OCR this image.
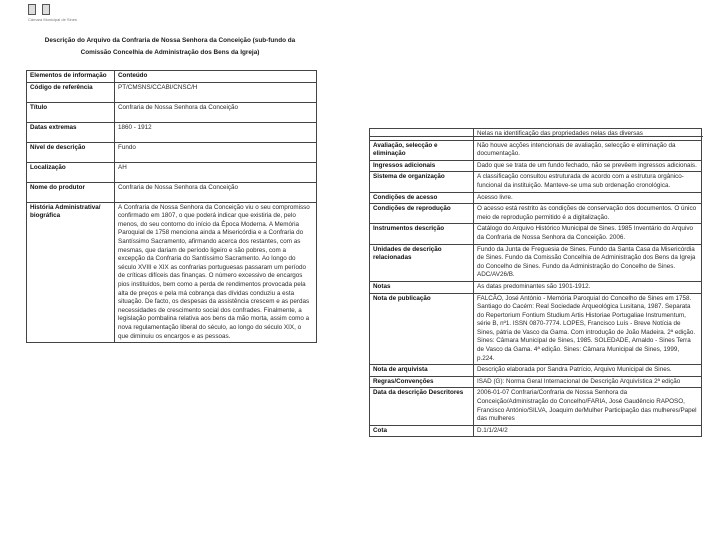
Câmara Municipal de Sines
Descrição do Arquivo da Confraria de Nossa Senhora da Conceição (sub-fundo da
Comissão Concelhia de Administração dos Bens da Igreja)
Elementos de informação	Conteúdo
Código de referência	PT/CMSNS/CCABI/CNSC/H
Título	Confraria de Nossa Senhora da Conceição
Datas extremas	1860 - 1912
Nível de descrição	Fundo
Localização	AH
Nome do produtor	Confraria de Nossa Senhora da Conceição
História Administrativa/ biográfica	A Confraria de Nossa Senhora da Conceição viu o seu compromisso confirmado em 1807, o que poderá indicar que existiria de, pelo menos, do seu contorno do início da Época Moderna. A Memória Paroquial de 1758 menciona ainda a Misericórdia e a Confraria do Santíssimo Sacramento, afirmando acerca dos restantes, com as mesmas, que dariam de período ligeiro e são pobres, com a excepção da Confraria do Santíssimo Sacramento. Ao longo do século XVIII e XIX as confrarias portuguesas passaram um período de críticas difíceis das finanças. O número excessivo de encargos pios instituídos, bem como a perda de rendimentos provocada pela alta de preços e pela má cobrança das dívidas conduziu a esta situação. De facto, os despesas da assistência crescem e as perdas necessidades de crescimento social dos confrades. Finalmente, a legislação pombalina relativa aos bens da mão morta, assim como a nova regulamentação liberal do século, ao longo do século XIX, o que diminuiu os encargos e as pessoas.
	Nelas na identificação das propriedades nelas das diversas
Avaliação, selecção e eliminação	Não houve acções intencionais de avaliação, selecção e eliminação da documentação.
Ingressos adicionais	Dado que se trata de um fundo fechado, não se prevêem ingressos adicionais.
Sistema de organização	A classificação consultou estruturada de acordo com a estrutura orgânico-funcional da instituição. Manteve-se uma sub ordenação cronológica.
Condições de acesso	Acesso livre.
Condições de reprodução	O acesso está restrito às condições de conservação dos documentos. O único meio de reprodução permitido é a digitalização.
Instrumentos descrição	Catálogo do Arquivo Histórico Municipal de Sines. 1985 Inventário do Arquivo da Confraria de Nossa Senhora da Conceição. 2006.
Unidades de descrição relacionadas	Fundo da Junta de Freguesia de Sines. Fundo da Santa Casa da Misericórdia de Sines. Fundo da Comissão Concelhia de Administração dos Bens da Igreja do Concelho de Sines. Fundo da Administração do Concelho de Sines. ADC/AV26/B.
Notas	As datas predominantes são 1901-1912.
Nota de publicação	FALCÃO, José António - Memória Paroquial do Concelho de Sines em 1758. Santiago do Cacém: Real Sociedade Arqueológica Lusitana, 1987. Separata do Repertorium Fontium Studium Artis Historiae Portugaliae Instrumentum, série B, nº1. ISSN 0870-7774. LOPES, Francisco Luís - Breve Notícia de Sines, pátria de Vasco da Gama. Com introdução de João Madeira. 2ª edição. Sines: Câmara Municipal de Sines, 1985. SOLEDADE, Arnaldo - Sines Terra de Vasco da Gama. 4ª edição. Sines: Câmara Municipal de Sines, 1999, p.224.
Nota de arquivista	Descrição elaborada por Sandra Patrício, Arquivo Municipal de Sines.
Regras/Convenções	ISAD (G): Norma Geral Internacional de Descrição Arquivística 2ª edição
Data da descrição Descritores	2006-01-07 Confraria/Confraria de Nossa Senhora da Conceição/Administração do Concelho/FARIA, José Gaudêncio RAPOSO, Francisco António/SILVA, Joaquim de/Mulher Participação das mulheres/Papel das mulheres
Cota	D.1/1/2/4/2
